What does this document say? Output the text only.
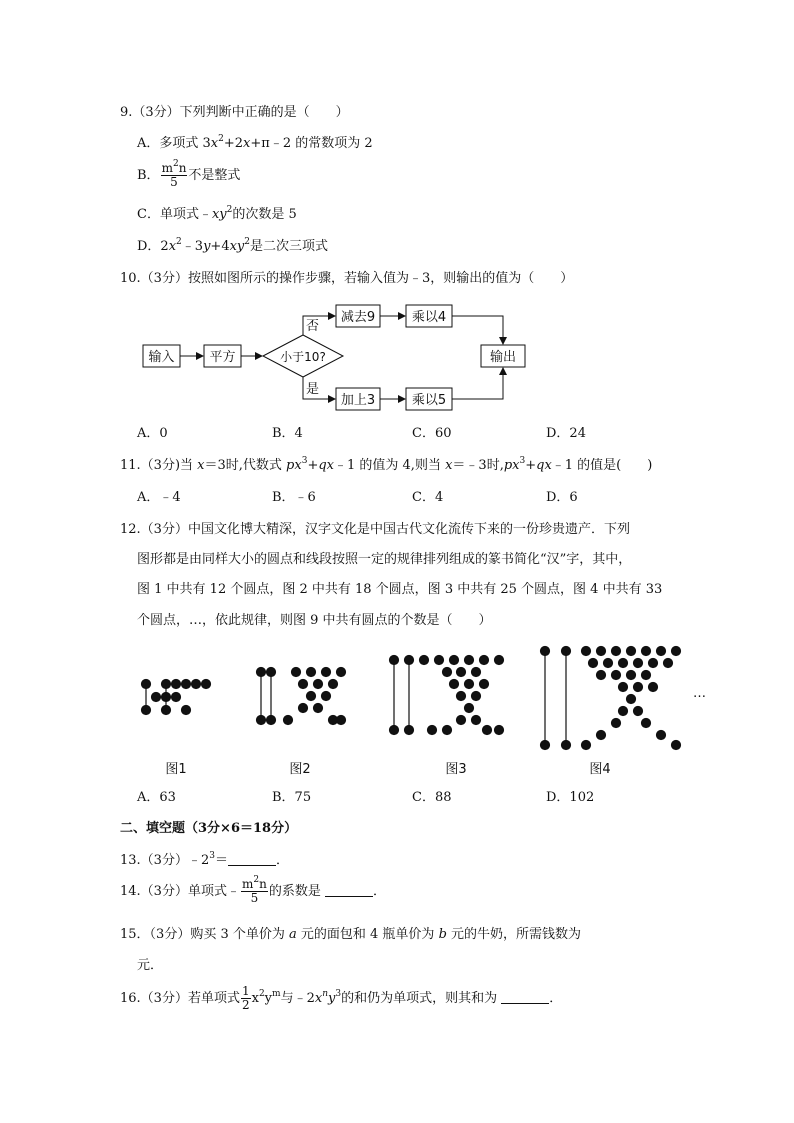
9.（3分）下列判断中正确的是（　　）
A．多项式 $3x^2+2x+\pi﹣2$ 的常数项为 2
B． $\frac{m^2n}{5}$ 不是整式
C．单项式$﹣xy^2$的次数是 5
D．$2x^2﹣3y+4xy^2$是二次三项式
10.（3分）按照如图所示的操作步骤，若输入值为﹣3，则输出的值为（　　）
输入	平方	小于10?
否
是
减去9	乘以4
加上3	乘以5
输出
A．0	B．4	C．60	D．24
11.（3分)当 x＝3时,代数式 $px^3+qx﹣1$ 的值为 4,则当 x＝﹣3时$,px^3+qx﹣1$ 的值是(　　)
A．﹣4	B．﹣6	C．4	D．6
12.（3分）中国文化博大精深，汉字文化是中国古代文化流传下来的一份珍贵遗产．下列
图形都是由同样大小的圆点和线段按照一定的规律排列组成的篆书简化“汉”字，其中，
图 1 中共有 12 个圆点，图 2 中共有 18 个圆点，图 3 中共有 25 个圆点，图 4 中共有 33
个圆点，…，依此规律，则图 9 中共有圆点的个数是（　　）
图1	图2	图3	图4
…
A．63	B．75	C．88	D．102
二、填空题（3分×6＝18分）
13.（3分）$﹣2^3=$	．
14.（3分）单项式﹣ $\frac{m^2n}{5}$ 的系数是	．
15．（3分）购买 3 个单价为 a 元的面包和 4 瓶单价为 b 元的牛奶，所需钱数为
元．
16.（3分）若单项式 $\frac{1}{2} x^2y^m$与$﹣2x^ny^3$的和仍为单项式，则其和为	．
